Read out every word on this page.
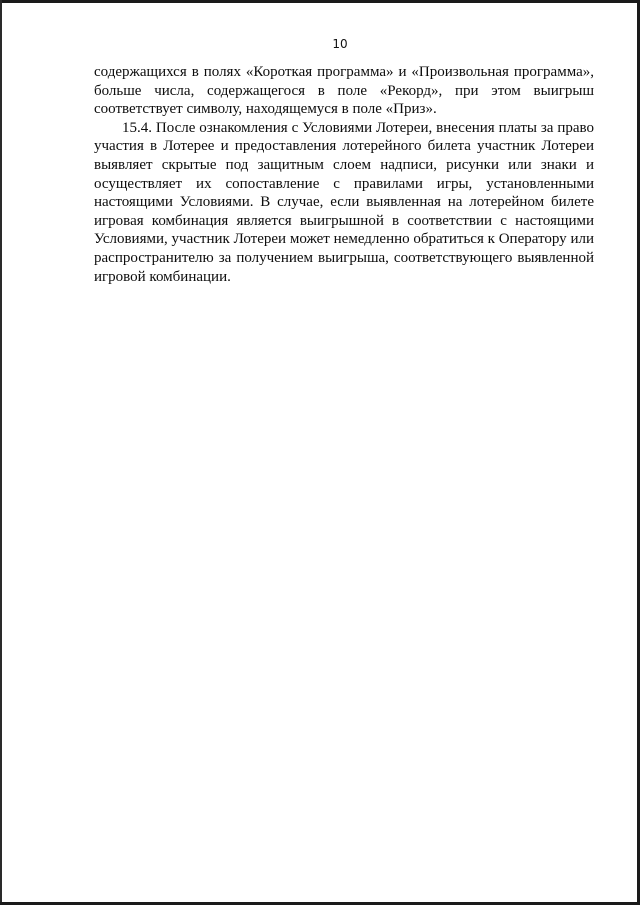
10

содержащихся в полях «Короткая программа» и «Произвольная программа», больше числа, содержащегося в поле «Рекорд», при этом выигрыш соответствует символу, находящемуся в поле «Приз».

15.4. После ознакомления с Условиями Лотереи, внесения платы за право участия в Лотерее и предоставления лотерейного билета участник Лотереи выявляет скрытые под защитным слоем надписи, рисунки или знаки и осуществляет их сопоставление с правилами игры, установленными настоящими Условиями. В случае, если выявленная на лотерейном билете игровая комбинация является выигрышной в соответствии с настоящими Условиями, участник Лотереи может немедленно обратиться к Оператору или распространителю за получением выигрыша, соответствующего выявленной игровой комбинации.
